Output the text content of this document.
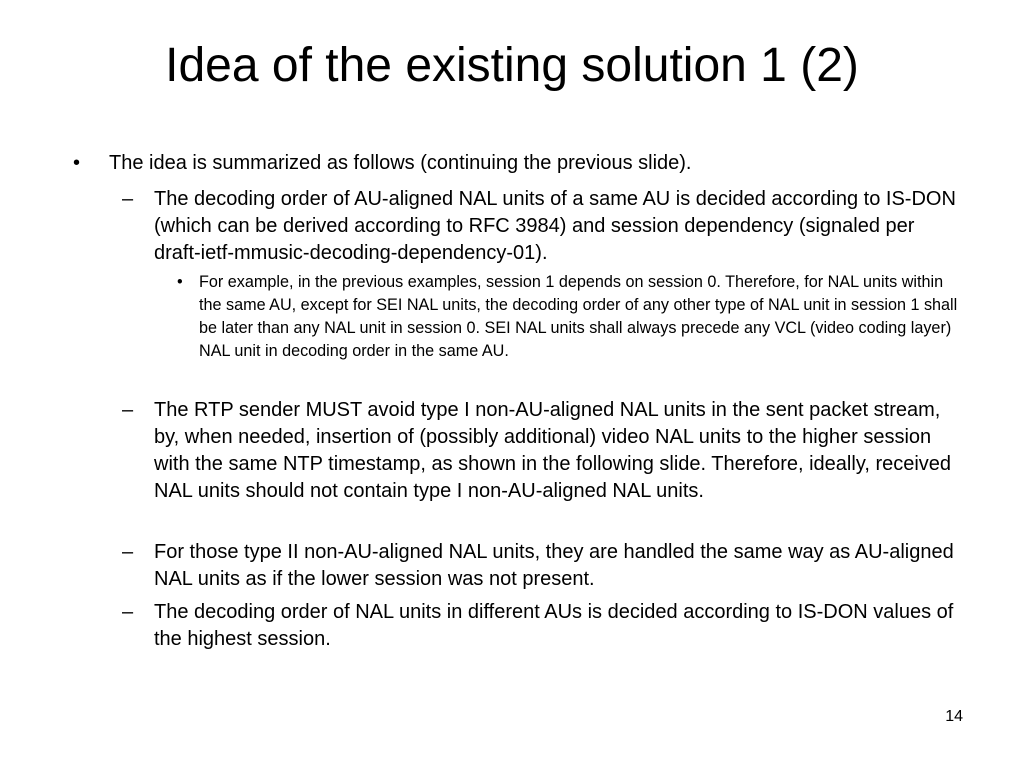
Idea of the existing solution 1 (2)
• The idea is summarized as follows (continuing the previous slide).
– The decoding order of AU-aligned NAL units of a same AU is decided according to IS-DON (which can be derived according to RFC 3984) and session dependency (signaled per draft-ietf-mmusic-decoding-dependency-01).
• For example, in the previous examples, session 1 depends on session 0. Therefore, for NAL units within the same AU, except for SEI NAL units, the decoding order of any other type of NAL unit in session 1 shall be later than any NAL unit in session 0. SEI NAL units shall always precede any VCL (video coding layer) NAL unit in decoding order in the same AU.
– The RTP sender MUST avoid type I non-AU-aligned NAL units in the sent packet stream, by, when needed, insertion of (possibly additional) video NAL units to the higher session with the same NTP timestamp, as shown in the following slide. Therefore, ideally, received NAL units should not contain type I non-AU-aligned NAL units.
– For those type II non-AU-aligned NAL units, they are handled the same way as AU-aligned NAL units as if the lower session was not present.
– The decoding order of NAL units in different AUs is decided according to IS-DON values of the highest session.
14
